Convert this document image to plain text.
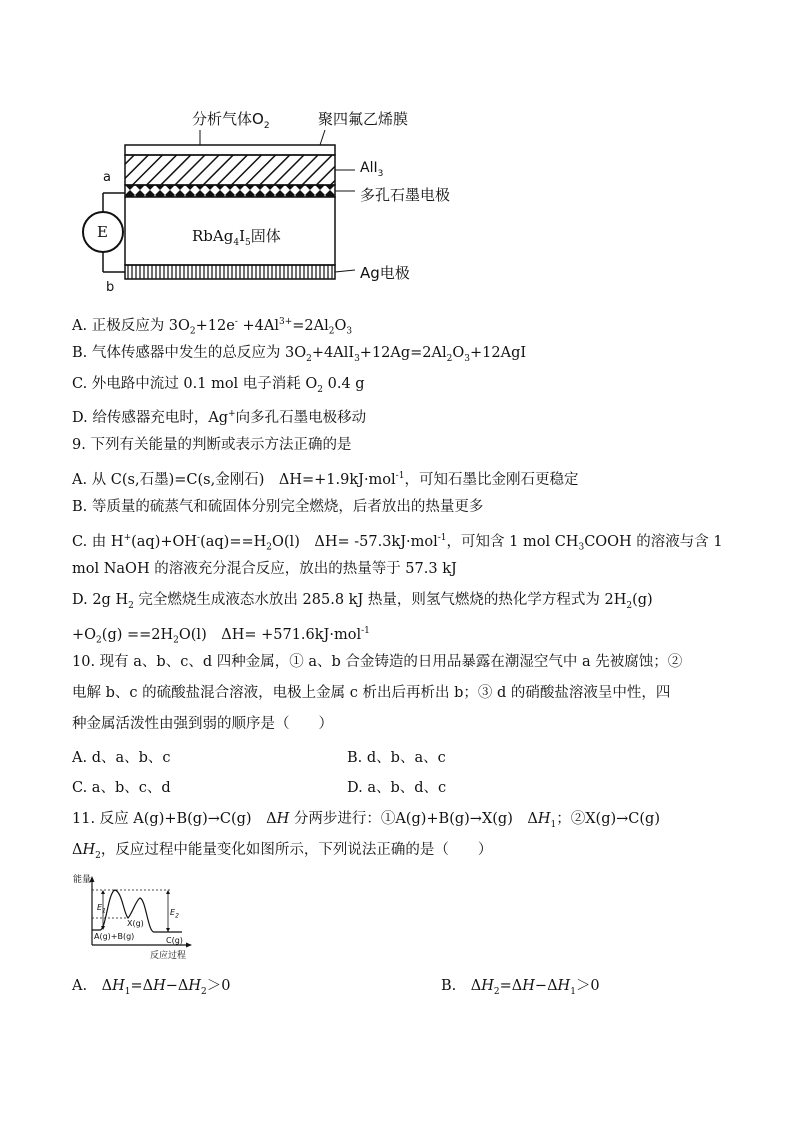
分析气体$O_2$	聚四氟乙烯膜
AlI$_3$
多孔石墨电极
$RbAg_4I_5$固体
Ag电极
E
a
b
A. 正极反应为 $3O_2+12e^- +4Al^{3+}=2Al_2O_3$
B. 气体传感器中发生的总反应为 $3O_2+4AlI_3+12Ag=2Al_2O_3+12AgI$
C. 外电路中流过 0.1 mol 电子消耗 $O_2$ 0.4 g
D. 给传感器充电时，Ag+向多孔石墨电极移动
9. 下列有关能量的判断或表示方法正确的是
A. 从 C(s,石墨)=C(s,金刚石)　ΔH=+1.9kJ·mol$^{-1}$，可知石墨比金刚石更稳定
B. 等质量的硫蒸气和硫固体分别完全燃烧，后者放出的热量更多
C. 由 $H^+(aq)+OH^-(aq)==H_2O(l)$　ΔH= -57.3kJ·mol$^{-1}$，可知含 1 mol $CH_3COOH$ 的溶液与含 1
mol NaOH 的溶液充分混合反应，放出的热量等于 57.3 kJ
D. 2g $H_2$ 完全燃烧生成液态水放出 285.8 kJ 热量，则氢气燃烧的热化学方程式为 $2H_2(g)$
$+O_2(g) ==2H_2O(l)$　ΔH= +571.6kJ·mol$^{-1}$
10. 现有 a、b、c、d 四种金属，① a、b 合金铸造的日用品暴露在潮湿空气中 a 先被腐蚀；②
电解 b、c 的硫酸盐混合溶液，电极上金属 c 析出后再析出 b；③ d 的硝酸盐溶液呈中性，四
种金属活泼性由强到弱的顺序是（　　）
A. d、a、b、c	B. d、b、a、c
C. a、b、c、d	D. a、b、d、c
11. 反应 A(g)+B(g)→C(g)　ΔH 分两步进行：①A(g)+B(g)→X(g)　$\Delta H_1$；②X(g)→C(g)
$\Delta H_2$，反应过程中能量变化如图所示，下列说法正确的是（　　）
能量
反应过程
$E_1$	$E_2$
X(g)
A(g)+B(g)	C(g)
A.　$\Delta H_1=\Delta H-\Delta H_2>0$	B.　$\Delta H_2=\Delta H-\Delta H_1>0$
